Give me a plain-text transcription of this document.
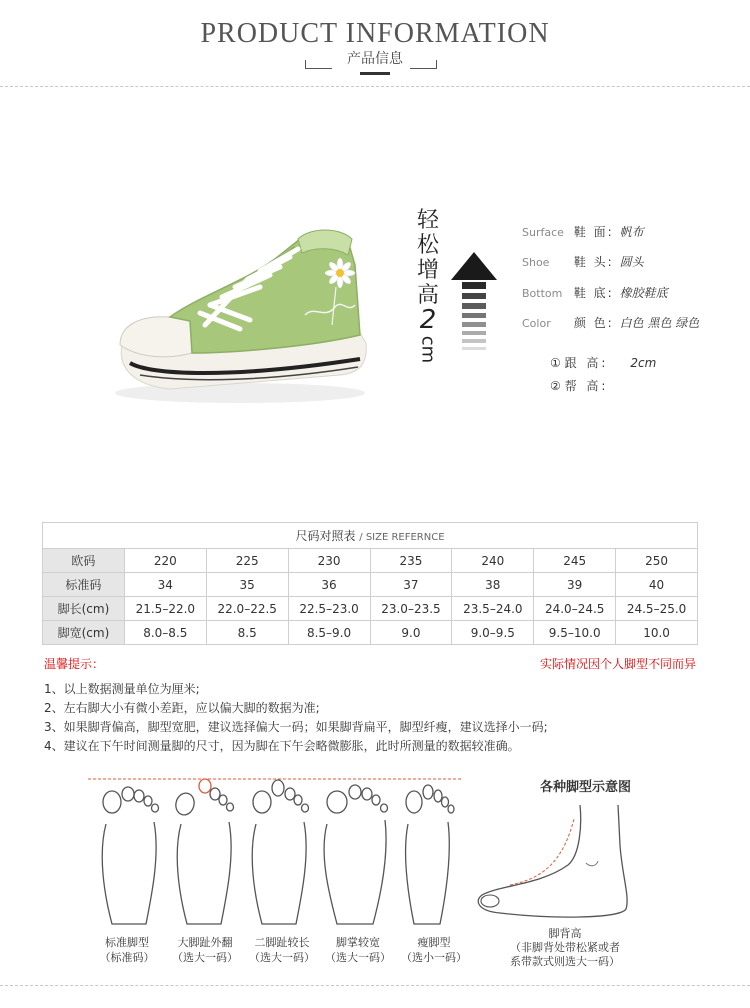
PRODUCT INFORMATION
产品信息
轻
松
增
高
2
cm
Surface 鞋 面: 帆布
Shoe 鞋 头: 圆头
Bottom 鞋 底: 橡胶鞋底
Color 颜 色: 白色 黑色 绿色
① 跟 高: 2cm
② 帮 高:
尺码对照表 / SIZE REFERNCE							
欧码	220	225	230	235	240	245	250
标准码	34	35	36	37	38	39	40
脚长(cm)	21.5–22.0	22.0–22.5	22.5–23.0	23.0–23.5	23.5–24.0	24.0–24.5	24.5–25.0
脚宽(cm)	8.0–8.5	8.5	8.5–9.0	9.0	9.0–9.5	9.5–10.0	10.0
温馨提示：	实际情况因个人脚型不同而异
1、以上数据测量单位为厘米;
2、左右脚大小有微小差距，应以偏大脚的数据为准;
3、如果脚背偏高，脚型宽肥，建议选择偏大一码；如果脚背扁平，脚型纤瘦，建议选择小一码;
4、建议在下午时间测量脚的尺寸，因为脚在下午会略微膨胀，此时所测量的数据较准确。
标准脚型
（标准码）
大脚趾外翻
（选大一码）
二脚趾较长
（选大一码）
脚掌较宽
（选大一码）
瘦脚型
（选小一码）
各种脚型示意图
脚背高
（非脚背处带松紧或者
系带款式则选大一码）
